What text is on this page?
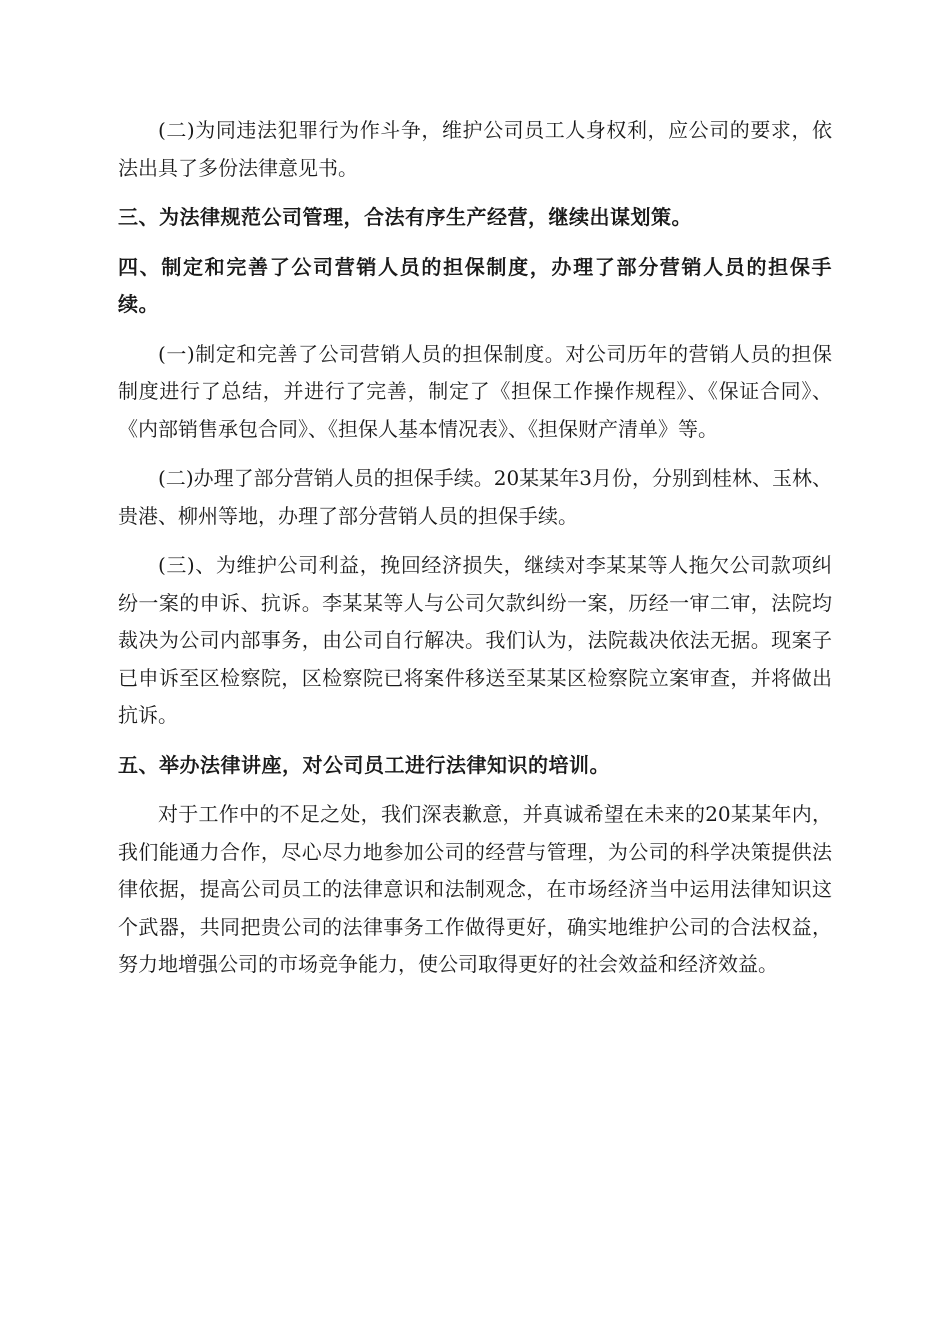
(二)为同违法犯罪行为作斗争，维护公司员工人身权利，应公司的要求，依法出具了多份法律意见书。

三、为法律规范公司管理，合法有序生产经营，继续出谋划策。

四、制定和完善了公司营销人员的担保制度，办理了部分营销人员的担保手续。

(一)制定和完善了公司营销人员的担保制度。对公司历年的营销人员的担保制度进行了总结，并进行了完善，制定了《担保工作操作规程》、《保证合同》、《内部销售承包合同》、《担保人基本情况表》、《担保财产清单》等。

(二)办理了部分营销人员的担保手续。20某某年3月份，分别到桂林、玉林、贵港、柳州等地，办理了部分营销人员的担保手续。

(三)、为维护公司利益，挽回经济损失，继续对李某某等人拖欠公司款项纠纷一案的申诉、抗诉。李某某等人与公司欠款纠纷一案，历经一审二审，法院均裁决为公司内部事务，由公司自行解决。我们认为，法院裁决依法无据。现案子已申诉至区检察院，区检察院已将案件移送至某某区检察院立案审查，并将做出抗诉。

五、举办法律讲座，对公司员工进行法律知识的培训。

对于工作中的不足之处，我们深表歉意，并真诚希望在未来的20某某年内，我们能通力合作，尽心尽力地参加公司的经营与管理，为公司的科学决策提供法律依据，提高公司员工的法律意识和法制观念，在市场经济当中运用法律知识这个武器，共同把贵公司的法律事务工作做得更好，确实地维护公司的合法权益，努力地增强公司的市场竞争能力，使公司取得更好的社会效益和经济效益。
